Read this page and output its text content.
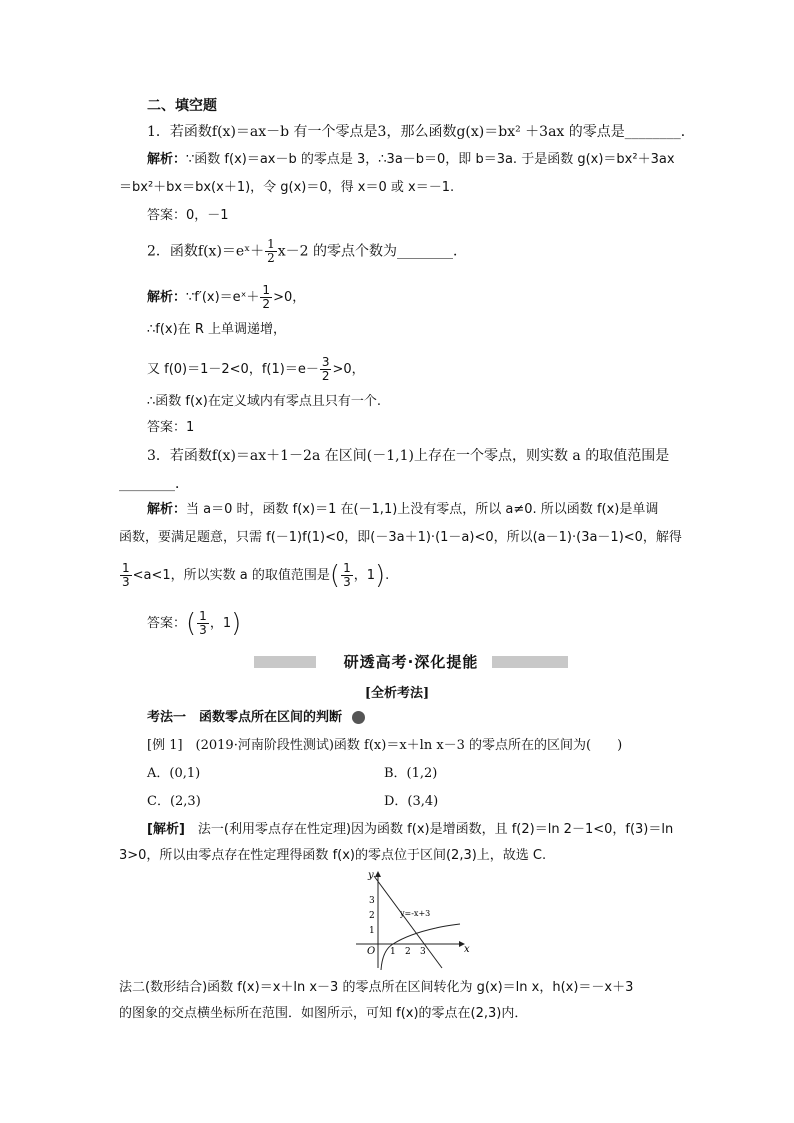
二、填空题
1．若函数f(x)＝ax－b 有一个零点是3，那么函数g(x)＝bx² ＋3ax 的零点是________．
解析：∵函数 f(x)＝ax－b 的零点是 3，∴3a－b＝0，即 b＝3a. 于是函数 g(x)＝bx²＋3ax
＝bx²＋bx＝bx(x＋1)，令 g(x)＝0，得 x＝0 或 x＝－1.
答案：0，－1
2．函数f(x)＝eˣ＋ $\frac{1}{2} x-2$ 的零点个数为________．
解析：∵f′(x)＝eˣ＋ $\frac{1}{2} >0$，
∴f(x)在 R 上单调递增，
又 f(0)＝1－2<0，$f(1)=e- \frac{3}{2} >0$，
∴函数 f(x)在定义域内有零点且只有一个.
答案：1
3．若函数f(x)＝ax＋1－2a 在区间(－1,1)上存在一个零点，则实数 a 的取值范围是
________．
解析：当 a＝0 时，函数 f(x)＝1 在(－1,1)上没有零点，所以 a≠0. 所以函数 f(x)是单调
函数，要满足题意，只需 f(－1)f(1)<0，即(－3a＋1)·(1－a)<0，所以(a－1)·(3a－1)<0，解得
$\frac{1}{3} <a<1$，所以实数 a 的取值范围是( $\frac{1}{3}$ ，1).
答案：( $\frac{1}{3}$ ，1)
研透高考·深化提能
[全析考法]
考法一　函数零点所在区间的判断
[例 1]　(2019·河南阶段性测试)函数 f(x)＝x＋ln x－3 的零点所在的区间为(　　)
A．(0,1)	B．(1,2)
C．(2,3)	D．(3,4)
[解析]　法一(利用零点存在性定理)因为函数 f(x)是增函数，且 f(2)＝ln 2－1<0，f(3)＝ln
3>0，所以由零点存在性定理得函数 f(x)的零点位于区间(2,3)上，故选 C.
y
x
O
3
2
1
1 2 3
y=-x+3
法二(数形结合)函数 f(x)＝x＋ln x－3 的零点所在区间转化为 g(x)＝ln x，h(x)＝－x＋3
的图象的交点横坐标所在范围．如图所示，可知 f(x)的零点在(2,3)内．
